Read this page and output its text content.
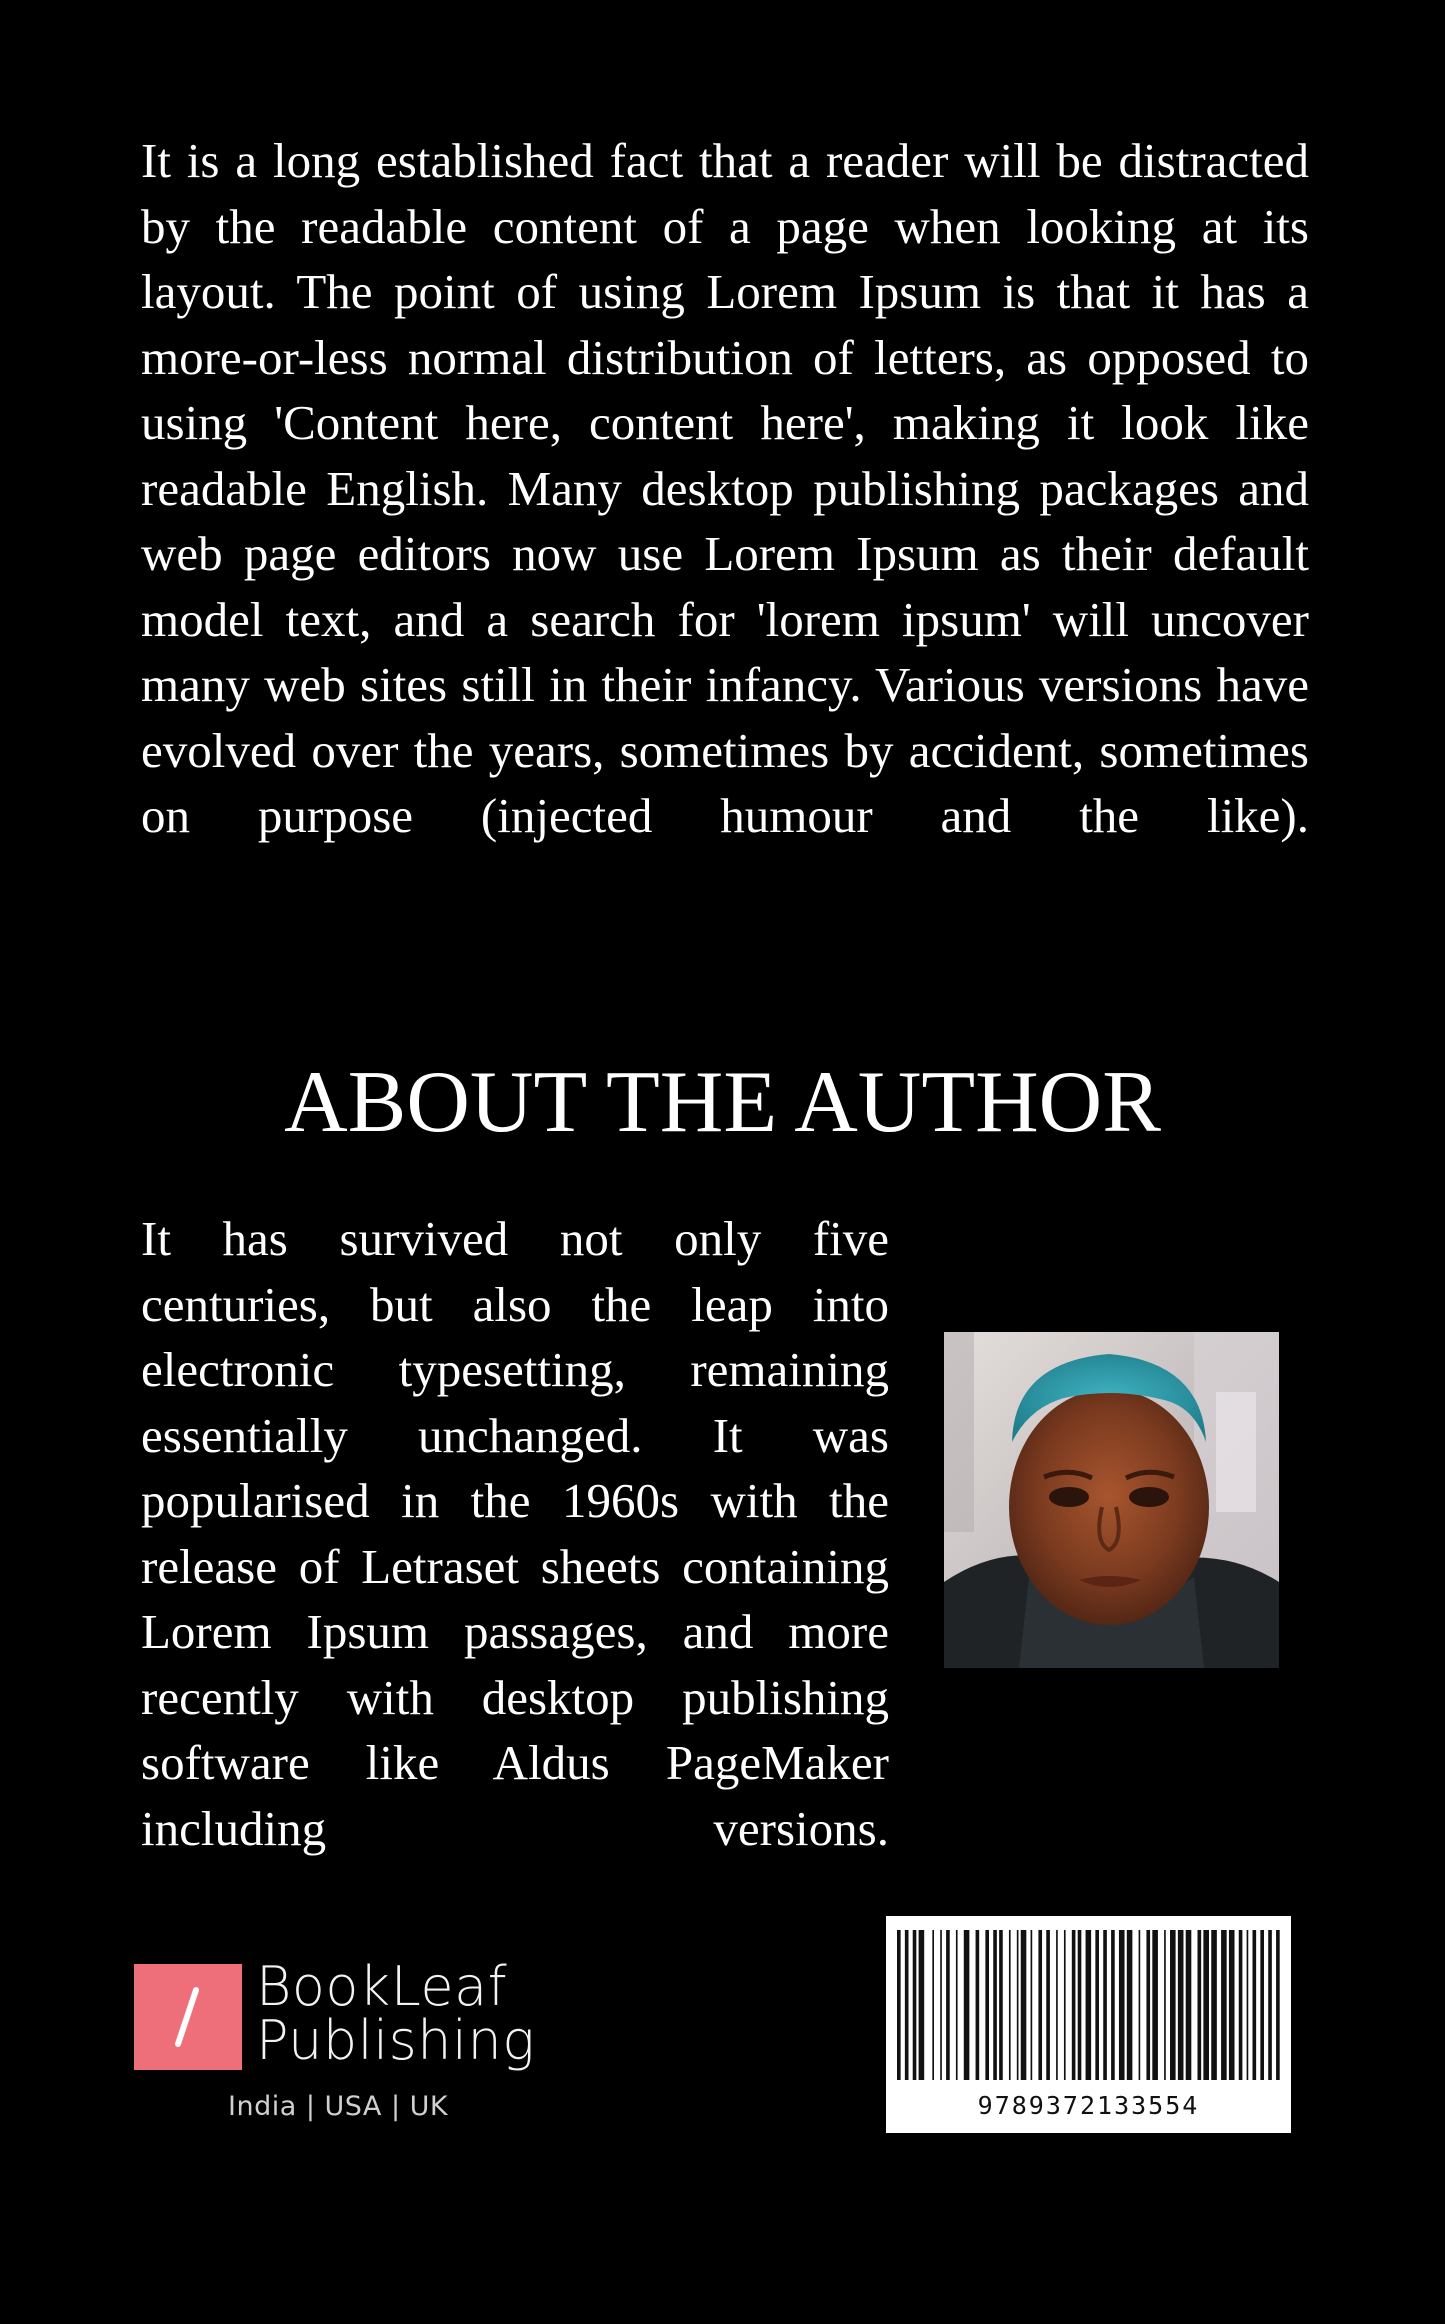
It is a long established fact that a reader will be distracted by the readable content of a page when looking at its layout. The point of using Lorem Ipsum is that it has a more-or-less normal distribution of letters, as opposed to using 'Content here, content here', making it look like readable English. Many desktop publishing packages and web page editors now use Lorem Ipsum as their default model text, and a search for 'lorem ipsum' will uncover many web sites still in their infancy. Various versions have evolved over the years, sometimes by accident, sometimes on purpose (injected humour and the like).

ABOUT THE AUTHOR

It has survived not only five centuries, but also the leap into electronic typesetting, remaining essentially unchanged. It was popularised in the 1960s with the release of Letraset sheets containing Lorem Ipsum passages, and more recently with desktop publishing software like Aldus PageMaker including versions.

BookLeaf
Publishing
India | USA | UK	9789372133554
